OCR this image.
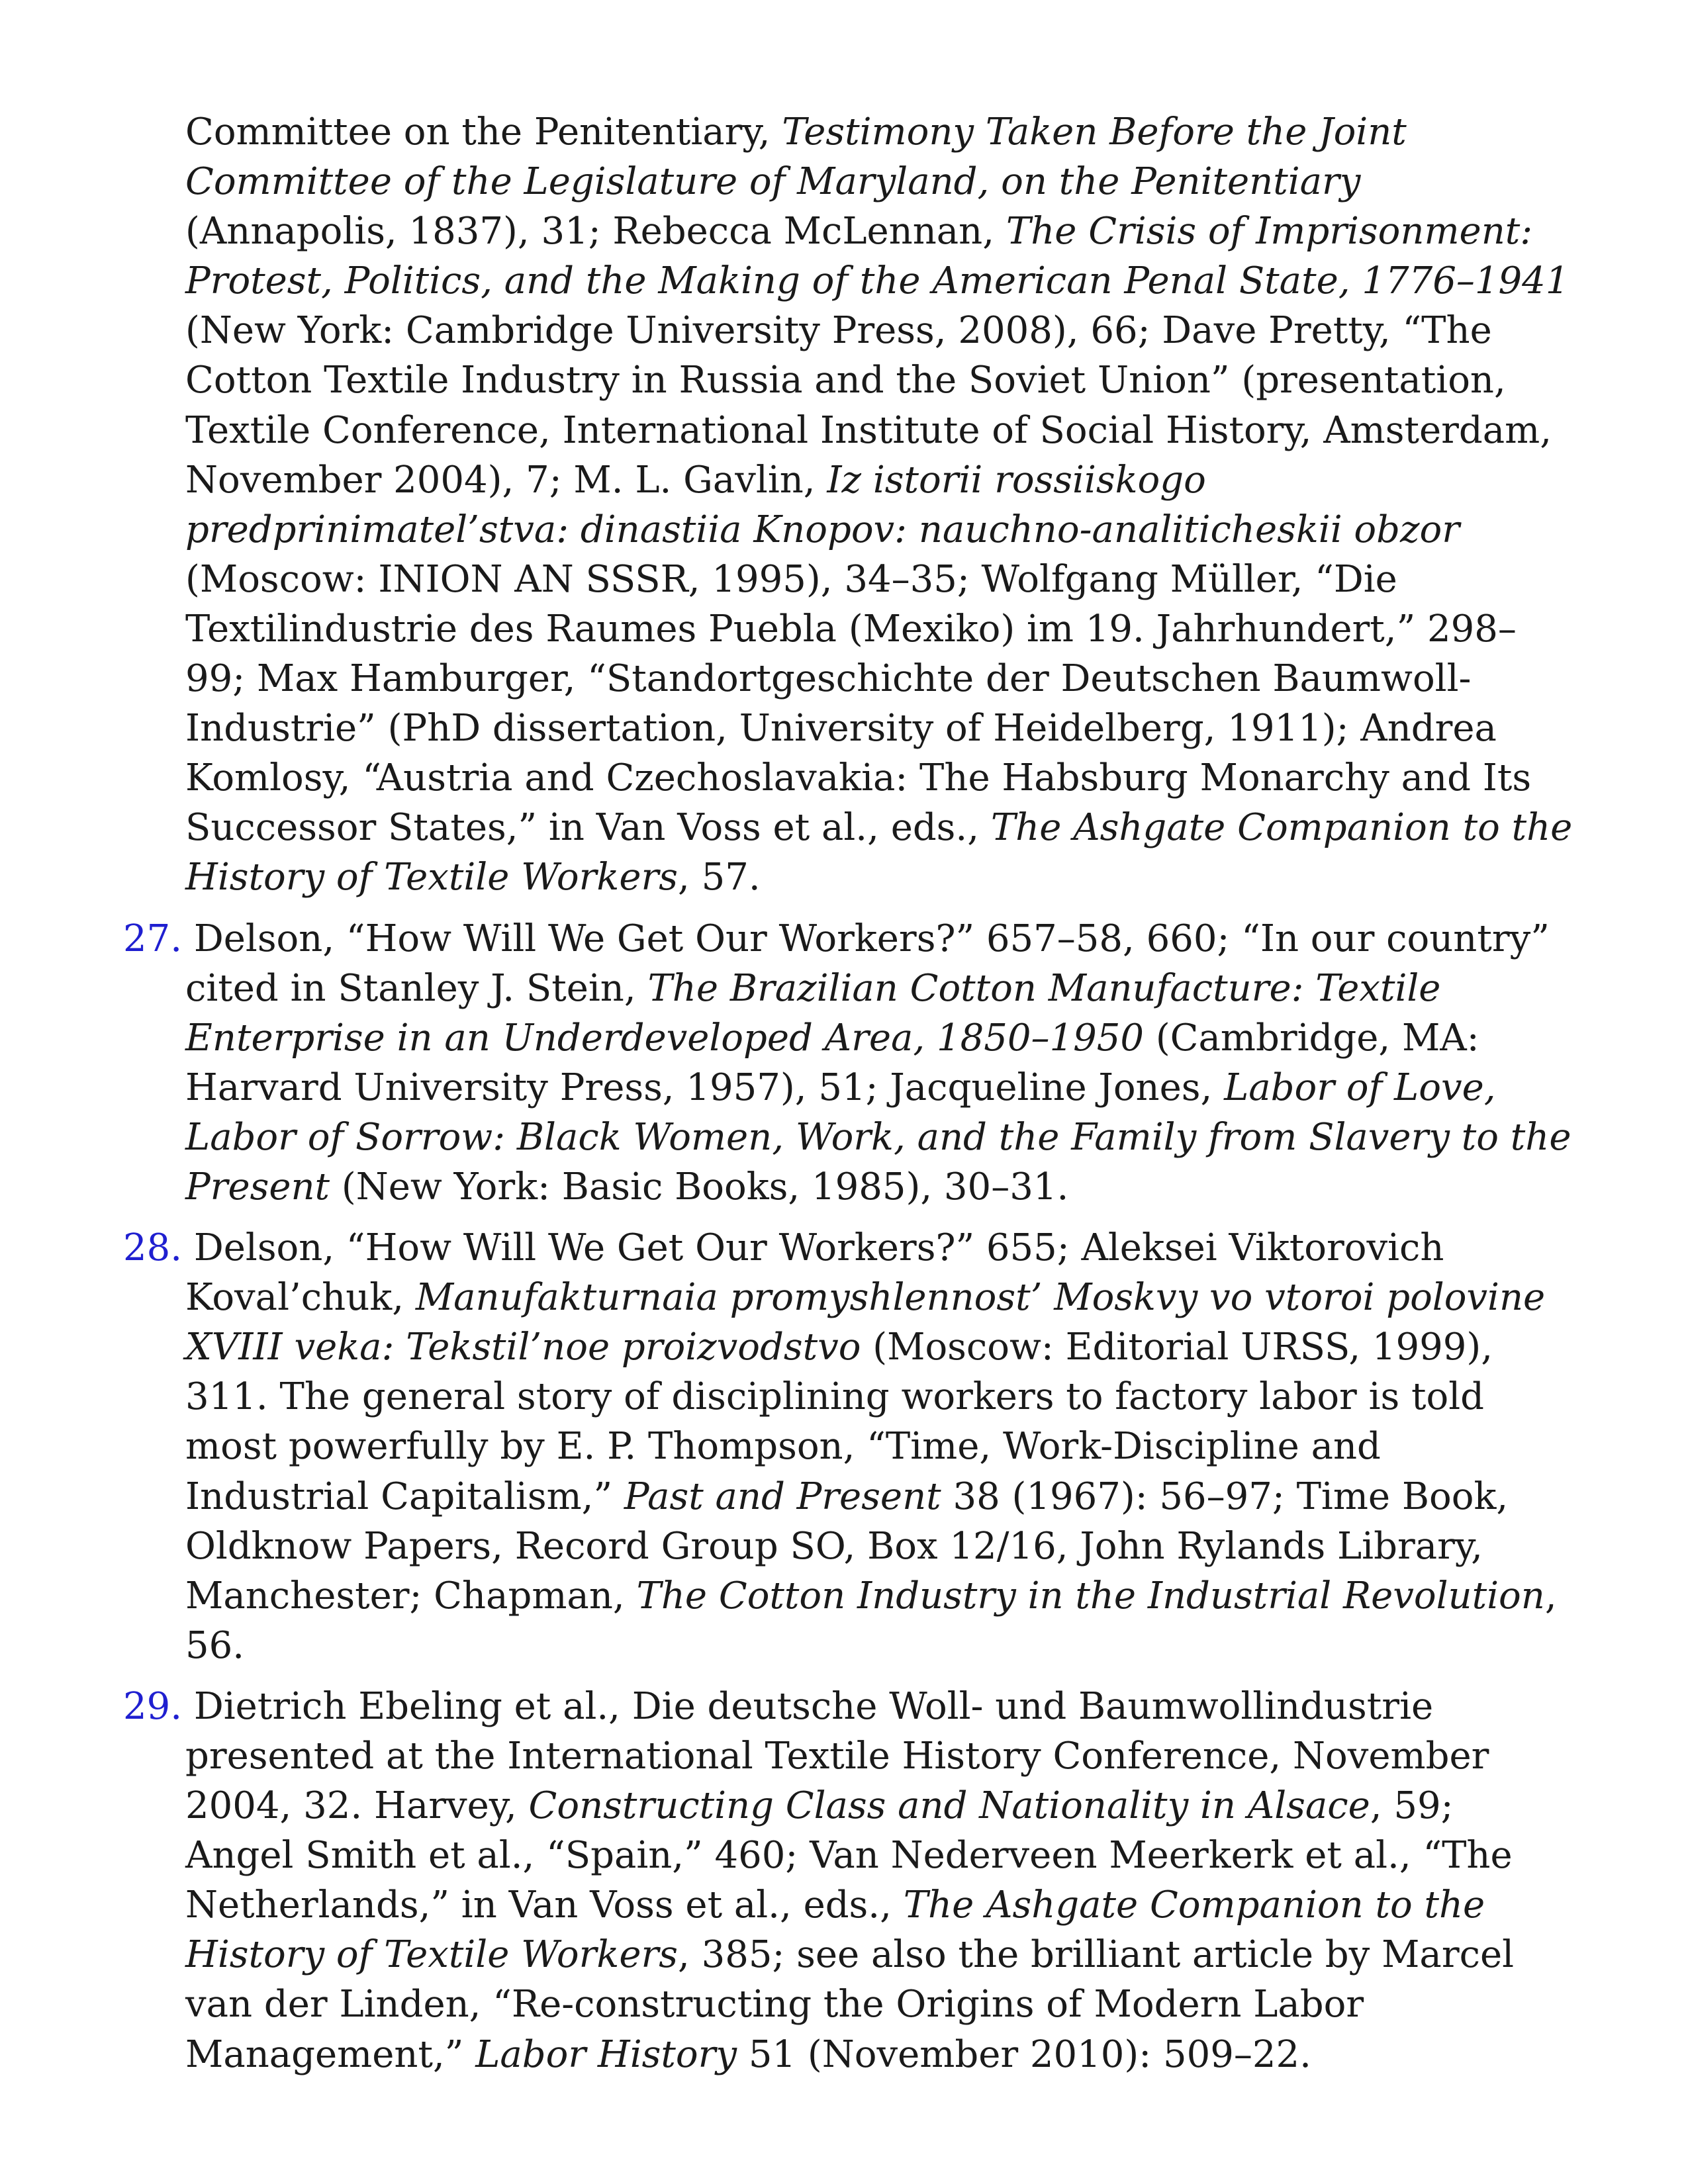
Committee on the Penitentiary, Testimony Taken Before the Joint Committee of the Legislature of Maryland, on the Penitentiary (Annapolis, 1837), 31; Rebecca McLennan, The Crisis of Imprisonment: Protest, Politics, and the Making of the American Penal State, 1776–1941 (New York: Cambridge University Press, 2008), 66; Dave Pretty, “The Cotton Textile Industry in Russia and the Soviet Union” (presentation, Textile Conference, International Institute of Social History, Amsterdam, November 2004), 7; M. L. Gavlin, Iz istorii rossiiskogo predprinimatel’stva: dinastiia Knopov: nauchno-analiticheskii obzor (Moscow: INION AN SSSR, 1995), 34–35; Wolfgang Müller, “Die Textilindustrie des Raumes Puebla (Mexiko) im 19. Jahrhundert,” 298–99; Max Hamburger, “Standortgeschichte der Deutschen Baumwoll-Industrie” (PhD dissertation, University of Heidelberg, 1911); Andrea Komlosy, “Austria and Czechoslavakia: The Habsburg Monarchy and Its Successor States,” in Van Voss et al., eds., The Ashgate Companion to the History of Textile Workers, 57.

27. Delson, “How Will We Get Our Workers?” 657–58, 660; “In our country” cited in Stanley J. Stein, The Brazilian Cotton Manufacture: Textile Enterprise in an Underdeveloped Area, 1850–1950 (Cambridge, MA: Harvard University Press, 1957), 51; Jacqueline Jones, Labor of Love, Labor of Sorrow: Black Women, Work, and the Family from Slavery to the Present (New York: Basic Books, 1985), 30–31.

28. Delson, “How Will We Get Our Workers?” 655; Aleksei Viktorovich Koval’chuk, Manufakturnaia promyshlennost’ Moskvy vo vtoroi polovine XVIII veka: Tekstil’noe proizvodstvo (Moscow: Editorial URSS, 1999), 311. The general story of disciplining workers to factory labor is told most powerfully by E. P. Thompson, “Time, Work-Discipline and Industrial Capitalism,” Past and Present 38 (1967): 56–97; Time Book, Oldknow Papers, Record Group SO, Box 12/16, John Rylands Library, Manchester; Chapman, The Cotton Industry in the Industrial Revolution, 56.

29. Dietrich Ebeling et al., Die deutsche Woll- und Baumwollindustrie presented at the International Textile History Conference, November 2004, 32. Harvey, Constructing Class and Nationality in Alsace, 59; Angel Smith et al., “Spain,” 460; Van Nederveen Meerkerk et al., “The Netherlands,” in Van Voss et al., eds., The Ashgate Companion to the History of Textile Workers, 385; see also the brilliant article by Marcel van der Linden, “Re-constructing the Origins of Modern Labor Management,” Labor History 51 (November 2010): 509–22.
